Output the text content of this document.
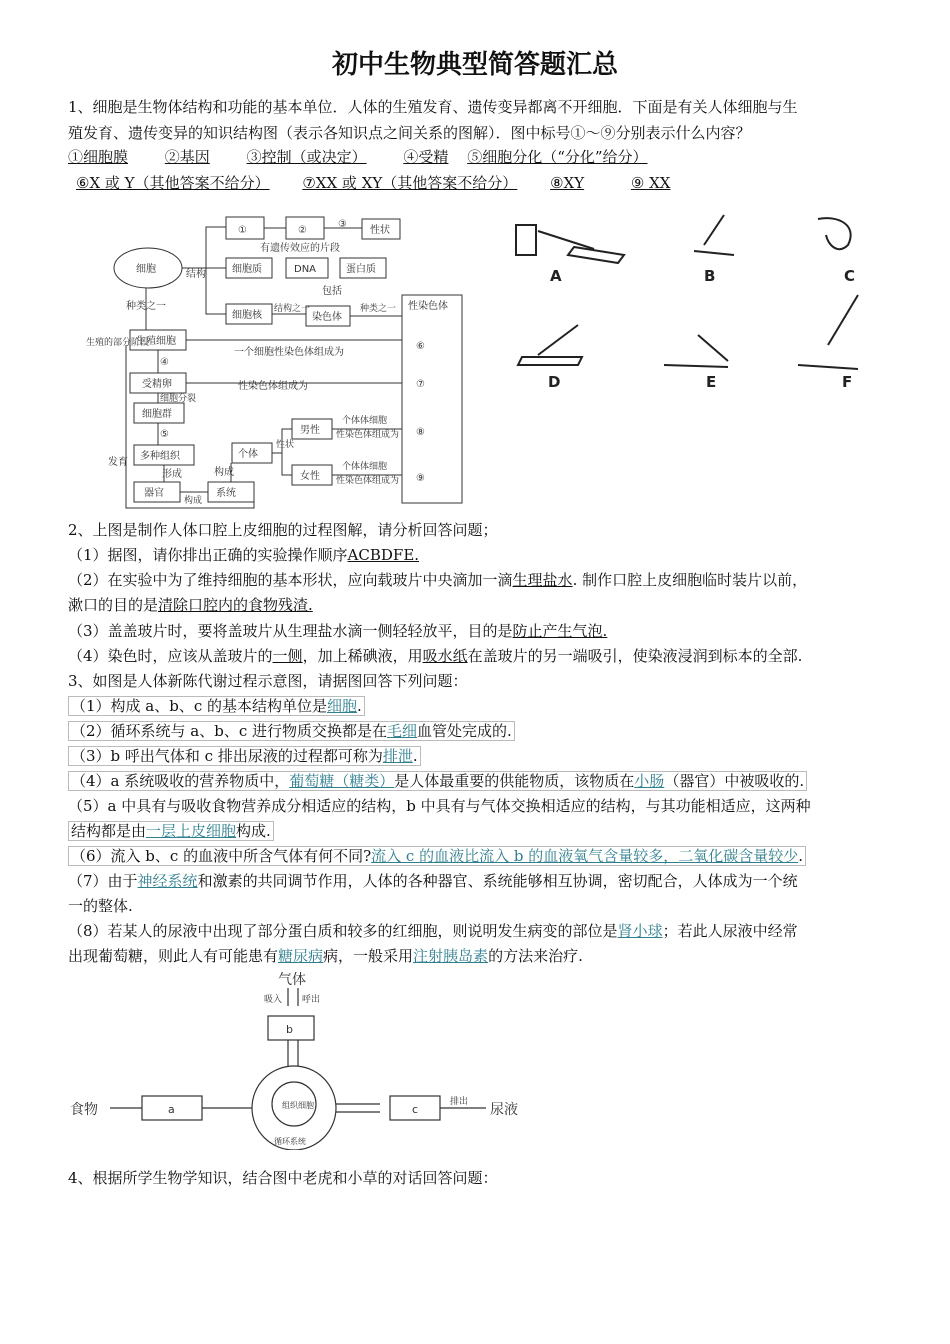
初中生物典型简答题汇总
1、细胞是生物体结构和功能的基本单位．人体的生殖发育、遗传变异都离不开细胞．下面是有关人体细胞与生
殖发育、遗传变异的知识结构图（表示各知识点之间关系的图解）．图中标号①～⑨分别表示什么内容？
①细胞膜 ②基因 ③控制（或决定） ④受精 ⑤细胞分化（“分化”给分）
⑥X 或 Y（其他答案不给分） ⑦XX 或 XY（其他答案不给分） ⑧XY	⑨ XX
细胞	结构
①	②
③
性状
有遗传效应的片段
细胞质	DNA	蛋白质
包括
细胞核
结构之一
染色体
种类之一 性染色体
种类之一
生殖的部分阶段
生殖细胞
④
一个细胞性染色体组成为
⑥
受精卵	性染色体组成为	⑦
细胞分裂
细胞群
⑤
多种组织
形成
发育
个体
性状
男性
女性
个体体细胞
性染色体组成为
个体体细胞
性染色体组成为
⑧
⑨
构成
器官
构成
系统
A	B	C
D	E	F
2、上图是制作人体口腔上皮细胞的过程图解，请分析回答问题；
（1）据图，请你排出正确的实验操作顺序ACBDFE.
（2）在实验中为了维持细胞的基本形状，应向载玻片中央滴加一滴生理盐水. 制作口腔上皮细胞临时装片以前，
漱口的目的是清除口腔内的食物残渣.
（3）盖盖玻片时，要将盖玻片从生理盐水滴一侧轻轻放平，目的是防止产生气泡.
（4）染色时，应该从盖玻片的一侧，加上稀碘液，用吸水纸在盖玻片的另一端吸引，使染液浸润到标本的全部.
3、如图是人体新陈代谢过程示意图，请据图回答下列问题：
（1）构成 a、b、c 的基本结构单位是细胞.
（2）循环系统与 a、b、c 进行物质交换都是在毛细血管处完成的.
（3）b 呼出气体和 c 排出尿液的过程都可称为排泄.
（4）a 系统吸收的营养物质中，葡萄糖（糖类）是人体最重要的供能物质，该物质在小肠（器官）中被吸收的.
（5）a 中具有与吸收食物营养成分相适应的结构，b 中具有与气体交换相适应的结构，与其功能相适应，这两种
结构都是由一层上皮细胞构成.
（6）流入 b、c 的血液中所含气体有何不同?流入 c 的血液比流入 b 的血液氧气含量较多，二氧化碳含量较少.
（7）由于神经系统和激素的共同调节作用，人体的各种器官、系统能够相互协调，密切配合，人体成为一个统
一的整体.
（8）若某人的尿液中出现了部分蛋白质和较多的红细胞，则说明发生病变的部位是肾小球；若此人尿液中经常
出现葡萄糖，则此人有可能患有糖尿病病，一般采用注射胰岛素的方法来治疗.
气体
吸入 呼出
b
a	c
食物	排出 尿液
组织细胞
循环系统
4、根据所学生物学知识，结合图中老虎和小草的对话回答问题：
